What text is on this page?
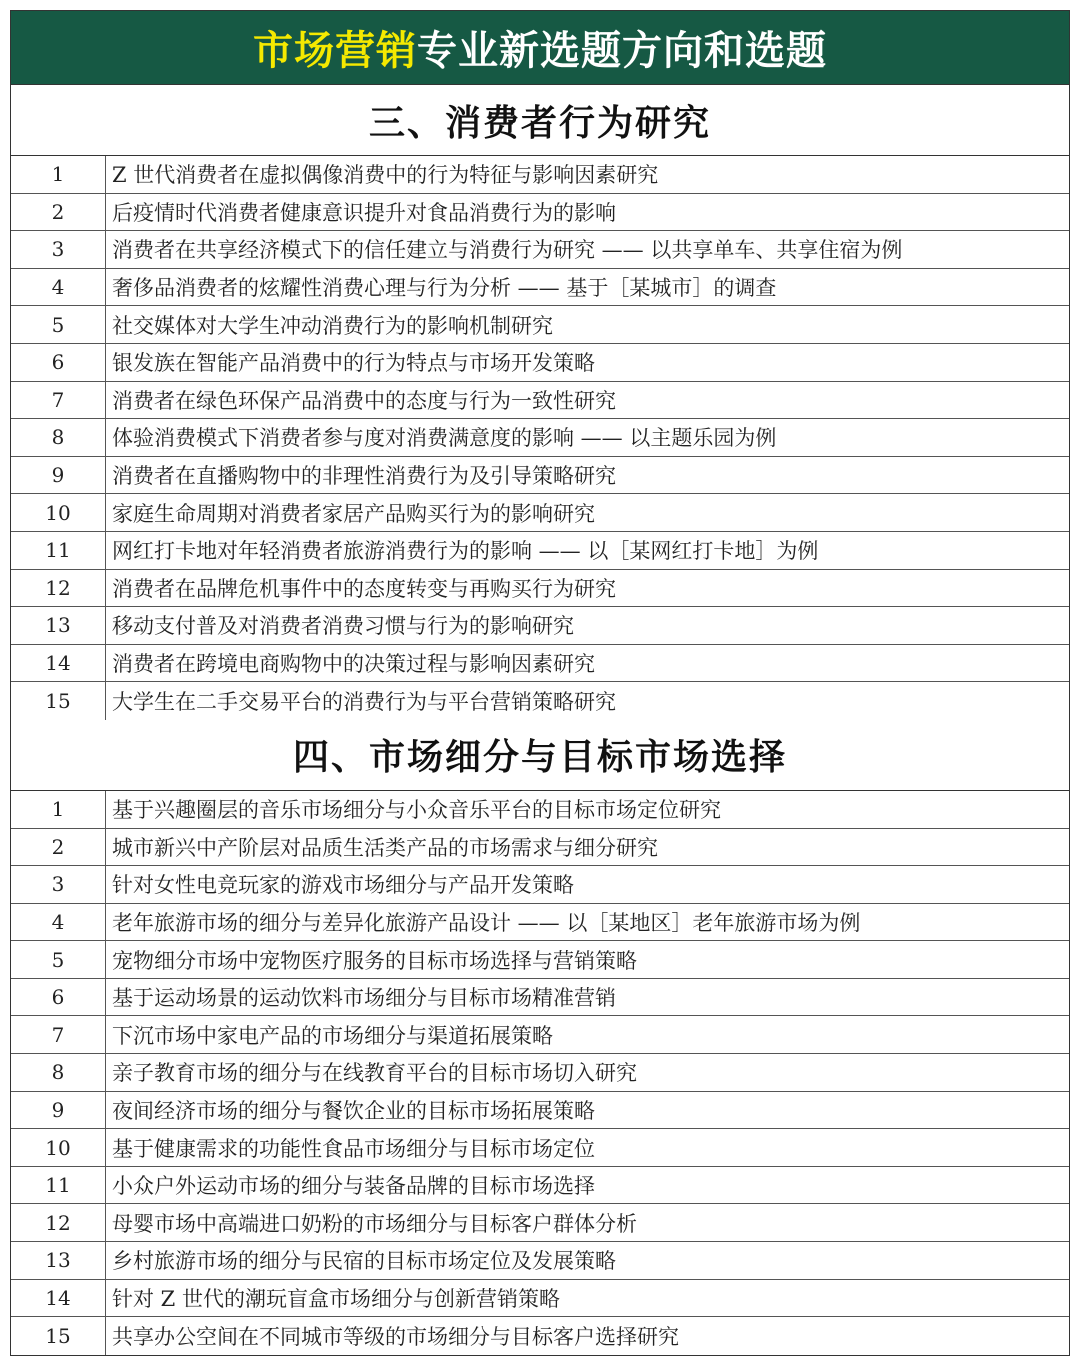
市场营销 专业新选题方向和选题
三、消费者行为研究
1	Z 世代消费者在虚拟偶像消费中的行为特征与影响因素研究
2	后疫情时代消费者健康意识提升对食品消费行为的影响
3	消费者在共享经济模式下的信任建立与消费行为研究 —— 以共享单车、共享住宿为例
4	奢侈品消费者的炫耀性消费心理与行为分析 —— 基于［某城市］的调查
5	社交媒体对大学生冲动消费行为的影响机制研究
6	银发族在智能产品消费中的行为特点与市场开发策略
7	消费者在绿色环保产品消费中的态度与行为一致性研究
8	体验消费模式下消费者参与度对消费满意度的影响 —— 以主题乐园为例
9	消费者在直播购物中的非理性消费行为及引导策略研究
10	家庭生命周期对消费者家居产品购买行为的影响研究
11	网红打卡地对年轻消费者旅游消费行为的影响 —— 以［某网红打卡地］为例
12	消费者在品牌危机事件中的态度转变与再购买行为研究
13	移动支付普及对消费者消费习惯与行为的影响研究
14	消费者在跨境电商购物中的决策过程与影响因素研究
15	大学生在二手交易平台的消费行为与平台营销策略研究
四、市场细分与目标市场选择
1	基于兴趣圈层的音乐市场细分与小众音乐平台的目标市场定位研究
2	城市新兴中产阶层对品质生活类产品的市场需求与细分研究
3	针对女性电竞玩家的游戏市场细分与产品开发策略
4	老年旅游市场的细分与差异化旅游产品设计 —— 以［某地区］老年旅游市场为例
5	宠物细分市场中宠物医疗服务的目标市场选择与营销策略
6	基于运动场景的运动饮料市场细分与目标市场精准营销
7	下沉市场中家电产品的市场细分与渠道拓展策略
8	亲子教育市场的细分与在线教育平台的目标市场切入研究
9	夜间经济市场的细分与餐饮企业的目标市场拓展策略
10	基于健康需求的功能性食品市场细分与目标市场定位
11	小众户外运动市场的细分与装备品牌的目标市场选择
12	母婴市场中高端进口奶粉的市场细分与目标客户群体分析
13	乡村旅游市场的细分与民宿的目标市场定位及发展策略
14	针对 Z 世代的潮玩盲盒市场细分与创新营销策略
15	共享办公空间在不同城市等级的市场细分与目标客户选择研究
